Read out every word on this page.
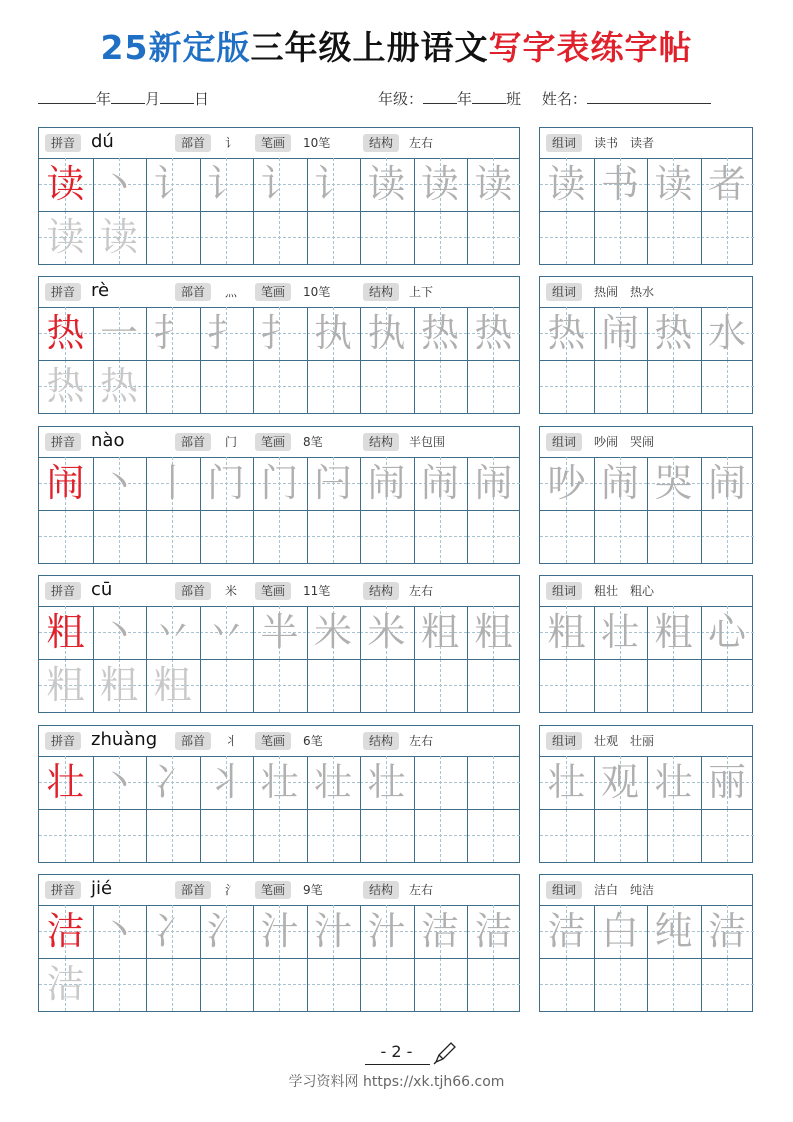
25新定版三年级上册语文写字表练字帖
年 月 日	年级： 年 班 姓名：
拼音 dú	部首	讠	笔画	10笔	结构	左右
读 丶 讠 讠 讠 讠 读 读 读
读 读
组词	读书　读者
读 书 读 者
拼音 rè	部首	灬	笔画	10笔	结构	上下
热 一 扌 扌 扌 执 执 热 热
热 热
组词	热闹　热水
热 闹 热 水
拼音 nào	部首	门	笔画	8笔	结构	半包围
闹 丶 丨 门 门 闩 闹 闹 闹
组词	吵闹　哭闹
吵 闹 哭 闹
拼音 cū	部首	米	笔画	11笔	结构	左右
粗 丶 丷 丷 半 米 米 粗 粗
粗 粗 粗
组词	粗壮　粗心
粗 壮 粗 心
拼音 zhuàng	部首	丬	笔画	6笔	结构	左右
壮 丶 冫 丬 壮 壮 壮
组词	壮观　壮丽
壮 观 壮 丽
拼音 jié	部首	氵	笔画	9笔	结构	左右
洁 丶 冫 氵 汁 汁 汁 洁 洁
洁
组词	洁白　纯洁
洁 白 纯 洁
- 2 -
学习资料网 https://xk.tjh66.com
